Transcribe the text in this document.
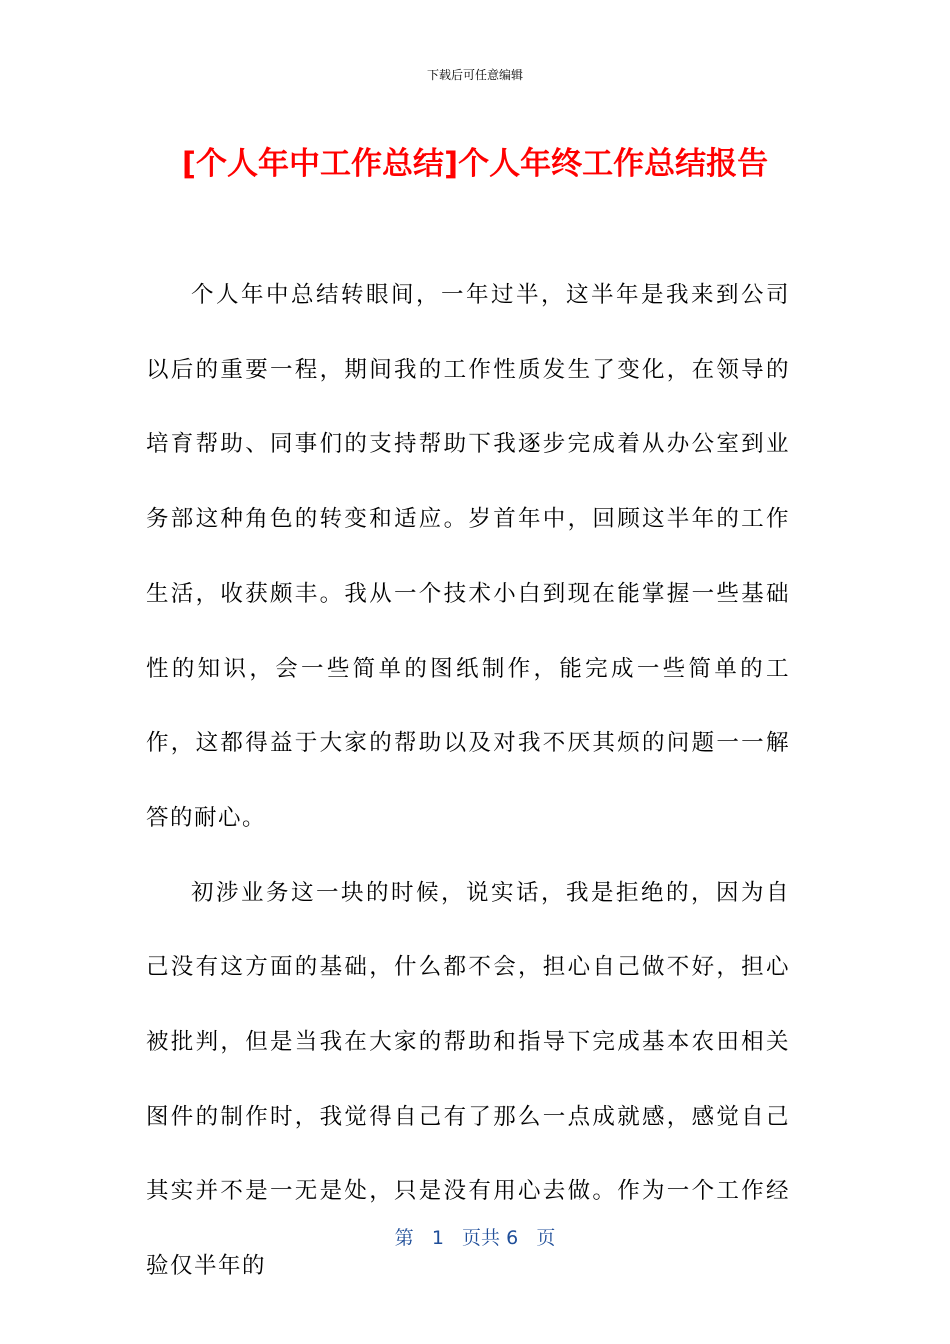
下载后可任意编辑
[个人年中工作总结]个人年终工作总结报告

个人年中总结转眼间，一年过半，这半年是我来到公司以后的重要一程，期间我的工作性质发生了变化，在领导的培育帮助、同事们的支持帮助下我逐步完成着从办公室到业务部这种角色的转变和适应。岁首年中，回顾这半年的工作生活，收获颇丰。我从一个技术小白到现在能掌握一些基础性的知识，会一些简单的图纸制作，能完成一些简单的工作，这都得益于大家的帮助以及对我不厌其烦的问题一一解答的耐心。

初涉业务这一块的时候，说实话，我是拒绝的，因为自己没有这方面的基础，什么都不会，担心自己做不好，担心被批判，但是当我在大家的帮助和指导下完成基本农田相关图件的制作时，我觉得自己有了那么一点成就感，感觉自己其实并不是一无是处，只是没有用心去做。作为一个工作经验仅半年的

第 1 页共 6 页
